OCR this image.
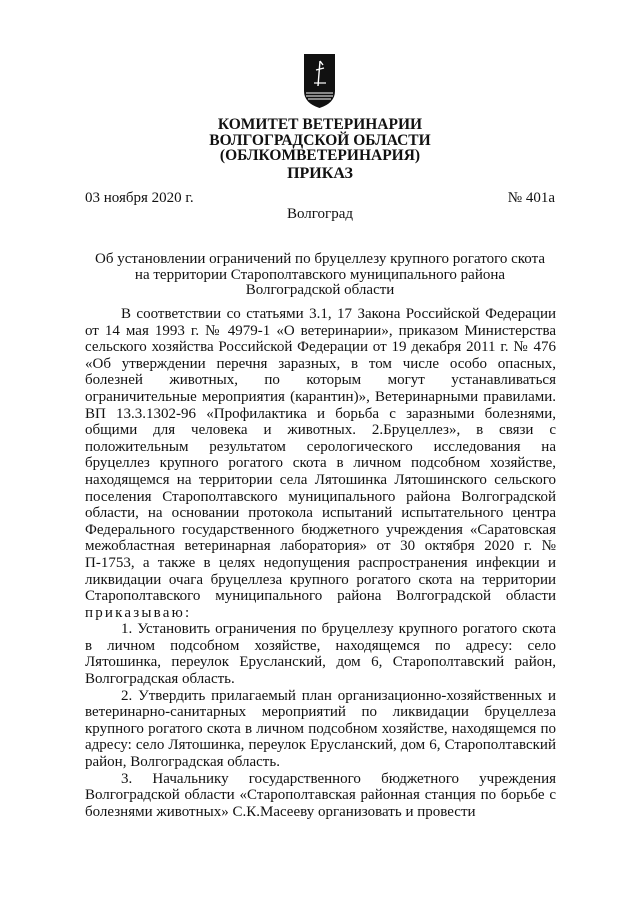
КОМИТЕТ ВЕТЕРИНАРИИ
ВОЛГОГРАДСКОЙ ОБЛАСТИ
(ОБЛКОМВЕТЕРИНАРИЯ)
ПРИКАЗ
03 ноября 2020 г.	№ 401а
Волгоград
Об установлении ограничений по бруцеллезу крупного рогатого скота
на территории Старополтавского муниципального района
Волгоградской области

В соответствии со статьями 3.1, 17 Закона Российской Федерации от 14 мая 1993 г. № 4979-1 «О ветеринарии», приказом Министерства сельского хозяйства Российской Федерации от 19 декабря 2011 г. № 476 «Об утверждении перечня заразных, в том числе особо опасных, болезней животных, по которым могут устанавливаться ограничительные мероприятия (карантин)», Ветеринарными правилами. ВП 13.3.1302-96 «Профилактика и борьба с заразными болезнями, общими для человека и животных. 2.Бруцеллез», в связи с положительным результатом серологического исследования на бруцеллез крупного рогатого скота в личном подсобном хозяйстве, находящемся на территории села Лятошинка Лятошинского сельского поселения Старополтавского муниципального района Волгоградской области, на основании протокола испытаний испытательного центра Федерального государственного бюджетного учреждения «Саратовская межобластная ветеринарная лаборатория» от 30 октября 2020 г. № П-1753, а также в целях недопущения распространения инфекции и ликвидации очага бруцеллеза крупного рогатого скота на территории Старополтавского муниципального района Волгоградской области приказываю:

1. Установить ограничения по бруцеллезу крупного рогатого скота в личном подсобном хозяйстве, находящемся по адресу: село Лятошинка, переулок Ерусланский, дом 6, Старополтавский район, Волгоградская область.

2. Утвердить прилагаемый план организационно-хозяйственных и ветеринарно-санитарных мероприятий по ликвидации бруцеллеза крупного рогатого скота в личном подсобном хозяйстве, находящемся по адресу: село Лятошинка, переулок Ерусланский, дом 6, Старополтавский район, Волгоградская область.

3. Начальнику государственного бюджетного учреждения Волгоградской области «Старополтавская районная станция по борьбе с болезнями животных» С.К.Масееву организовать и провести
